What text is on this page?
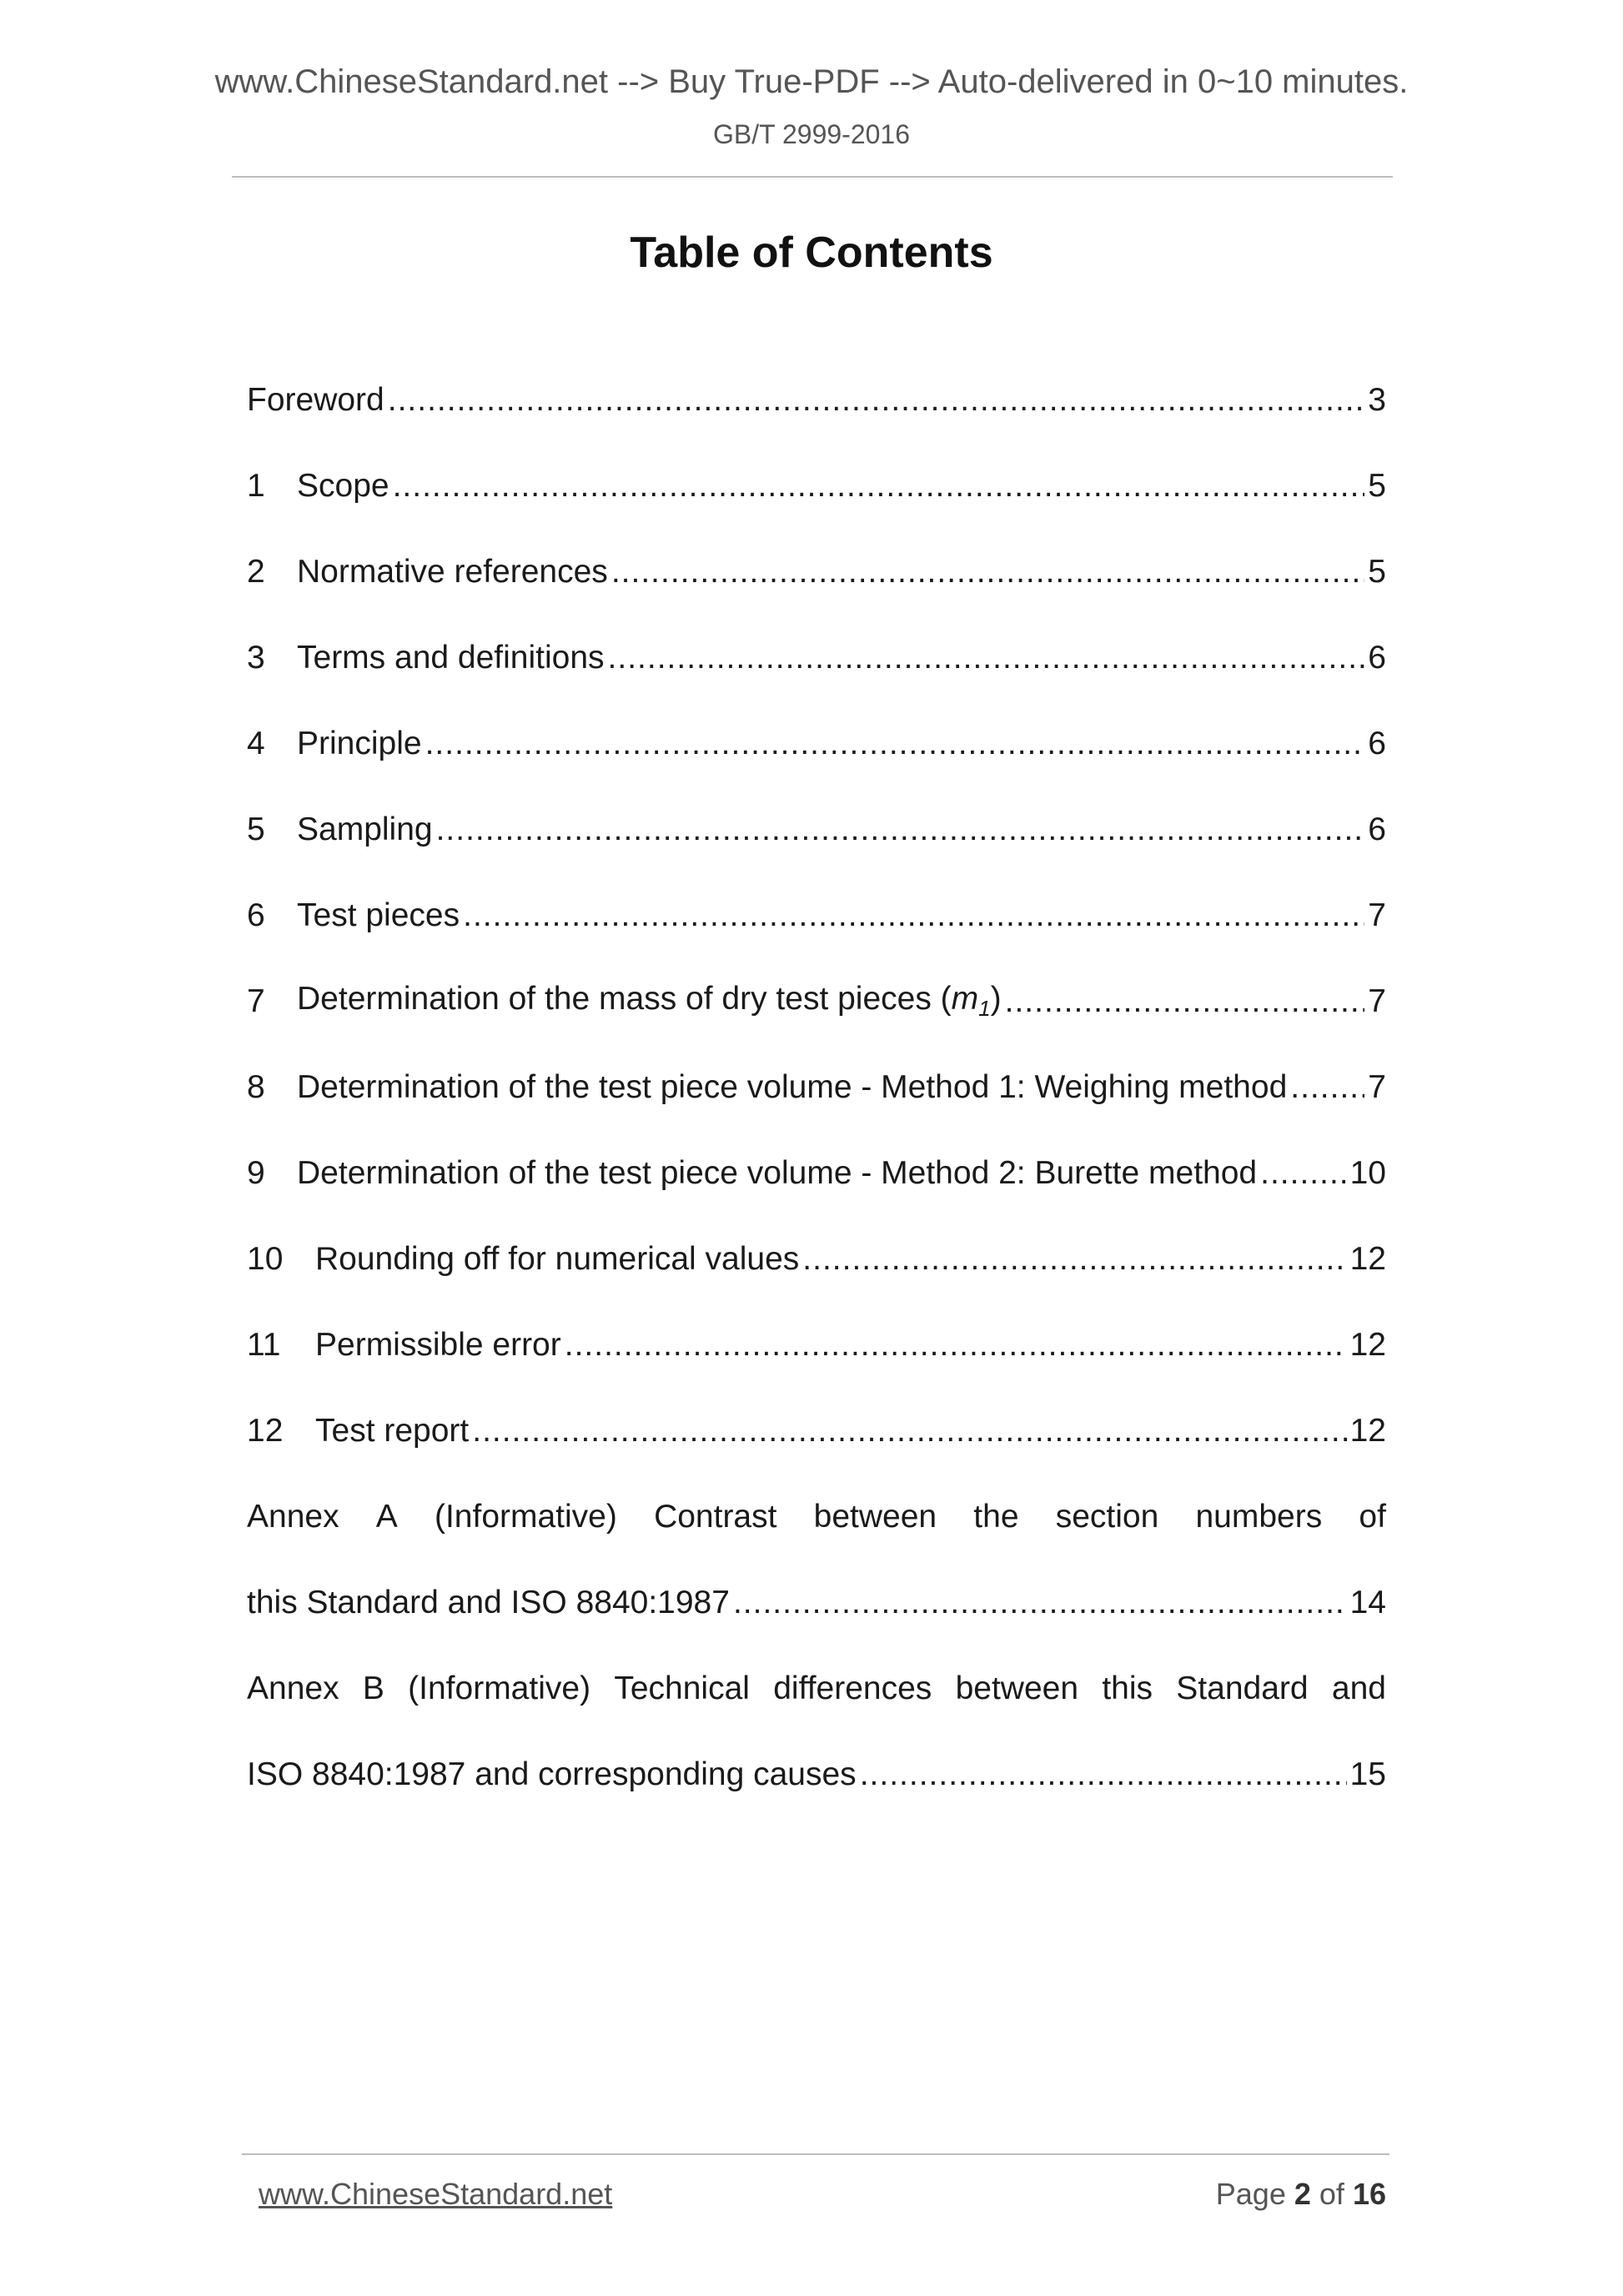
www.ChineseStandard.net --> Buy True-PDF --> Auto-delivered in 0~10 minutes.
GB/T 2999-2016
Table of Contents
Foreword .....	3
1 Scope .....	5
2 Normative references .....	5
3 Terms and definitions .....	6
4 Principle .....	6
5 Sampling .....	6
6 Test pieces .....	7
7 Determination of the mass of dry test pieces $(m_1)$ .....	7
8 Determination of the test piece volume - Method 1: Weighing method ..... 7
9 Determination of the test piece volume - Method 2: Burette method .....	10
10 Rounding off for numerical values .....	12
11	Permissible error .....	12
12 Test report .....	12
Annex A (Informative) Contrast between the section numbers of
this Standard and ISO 8840:1987 .....	14
Annex B (Informative) Technical differences between this Standard and
ISO 8840:1987 and corresponding causes .....	15
www.ChineseStandard.net	Page 2 of 16
